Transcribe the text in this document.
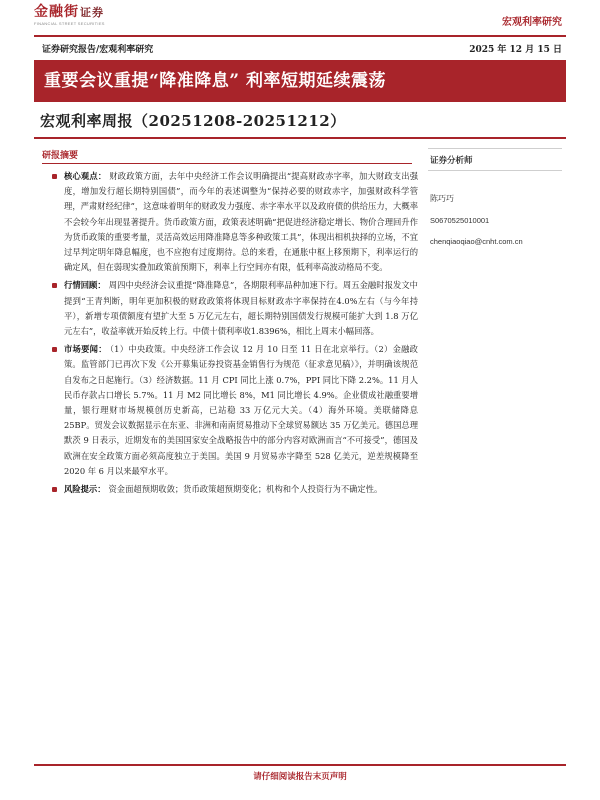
金融街证券
FINANCIAL STREET SECURITIES	宏观利率研究
证券研究报告/宏观利率研究	2025 年 12 月 15 日
重要会议重提“降准降息” 利率短期延续震荡
宏观利率周报（20251208-20251212）
研报摘要
核心观点： 财政政策方面，去年中央经济工作会议明确提出“提高财政赤字率，加大财政支出强度，增加发行超长期特别国债”，而今年的表述调整为“保持必要的财政赤字，加强财政科学管理，严肃财经纪律”，这意味着明年的财政发力强度、赤字率水平以及政府债的供给压力，大概率不会较今年出现显著提升。货币政策方面，政策表述明确“把促进经济稳定增长、物价合理回升作为货币政策的重要考量，灵活高效运用降准降息等多种政策工具”，体现出相机抉择的立场，不宜过早判定明年降息幅度，也不应抱有过度期待。总的来看，在通胀中枢上移预期下，利率运行的确定风，但在弱现实叠加政策前预期下，利率上行空间亦有限，低利率高波动格局不变。
行情回顾： 周四中央经济会议重提“降准降息”，各期限利率品种加速下行。周五金融时报发文中提到“王青判断，明年更加积极的财政政策将体现目标财政赤字率保持在4.0%左右（与今年持平），新增专项债额度有望扩大至 5 万亿元左右，超长期特别国债发行规模可能扩大到 1.8 万亿元左右”，收益率就开始反转上行。中债十债利率收1.8396%，相比上周末小幅回落。
市场要闻： （1）中央政策。中央经济工作会议 12 月 10 日至 11 日在北京举行。（2）金融政策。监管部门已再次下发《公开募集证券投资基金销售行为规范（征求意见稿）》，并明确该规范自发布之日起施行。（3）经济数据。11 月 CPI 同比上涨 0.7%，PPI 同比下降 2.2%。11 月人民币存款占口增长 5.7%。11 月 M2 同比增长 8%，M1 同比增长 4.9%。企业债成社融重要增量，银行理财市场规模创历史新高，已站稳 33 万亿元大关。（4）海外环境。美联储降息 25BP。贸发会议数据显示在东亚、非洲和南南贸易推动下全球贸易额达 35 万亿美元。德国总理默茨 9 日表示，近期发布的美国国家安全战略报告中的部分内容对欧洲而言“不可接受”，德国及欧洲在安全政策方面必须高度独立于美国。美国 9 月贸易赤字降至 528 亿美元，逆差规模降至 2020 年 6 月以来最窄水平。
风险提示： 资金面超预期收敛；货币政策超预期变化；机构和个人投资行为不确定性。
证券分析师
陈巧巧
S0670525010001
chenqiaoqiao@cnht.com.cn
请仔细阅读报告末页声明
